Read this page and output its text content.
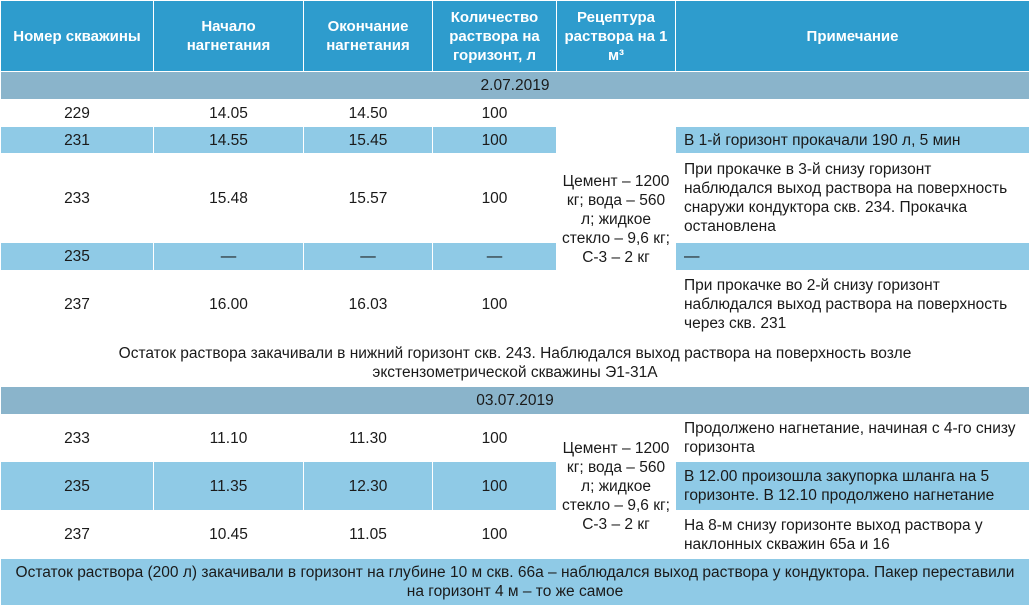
Номер скважины	Начало нагнетания	Окончание нагнетания	Количество раствора на горизонт, л	Рецептура раствора на 1 м³	Примечание
2.07.2019					
229	14.05	14.50	100	Цемент – 1200 кг; вода – 560 л; жидкое стекло – 9,6 кг; С-3 – 2 кг	
231	14.55	15.45	100		В 1-й горизонт прокачали 190 л, 5 мин
233	15.48	15.57	100		При прокачке в 3-й снизу горизонт наблюдался выход раствора на поверхность снаружи кондуктора скв. 234. Прокачка остановлена
235	—	—	—		—
237	16.00	16.03	100		При прокачке во 2-й снизу горизонт наблюдался выход раствора на поверхность через скв. 231
Остаток раствора закачивали в нижний горизонт скв. 243. Наблюдался выход раствора на поверхность возле экстензометрической скважины Э1-31А					
03.07.2019					
233	11.10	11.30	100	Цемент – 1200 кг; вода – 560 л; жидкое стекло – 9,6 кг; С-3 – 2 кг	Продолжено нагнетание, начиная с 4-го снизу горизонта
235	11.35	12.30	100		В 12.00 произошла закупорка шланга на 5 горизонте. В 12.10 продолжено нагнетание
237	10.45	11.05	100		На 8-м снизу горизонте выход раствора у наклонных скважин 65а и 16
Остаток раствора (200 л) закачивали в горизонт на глубине 10 м скв. 66а – наблюдался выход раствора у кондуктора. Пакер переставили на горизонт 4 м – то же самое					
